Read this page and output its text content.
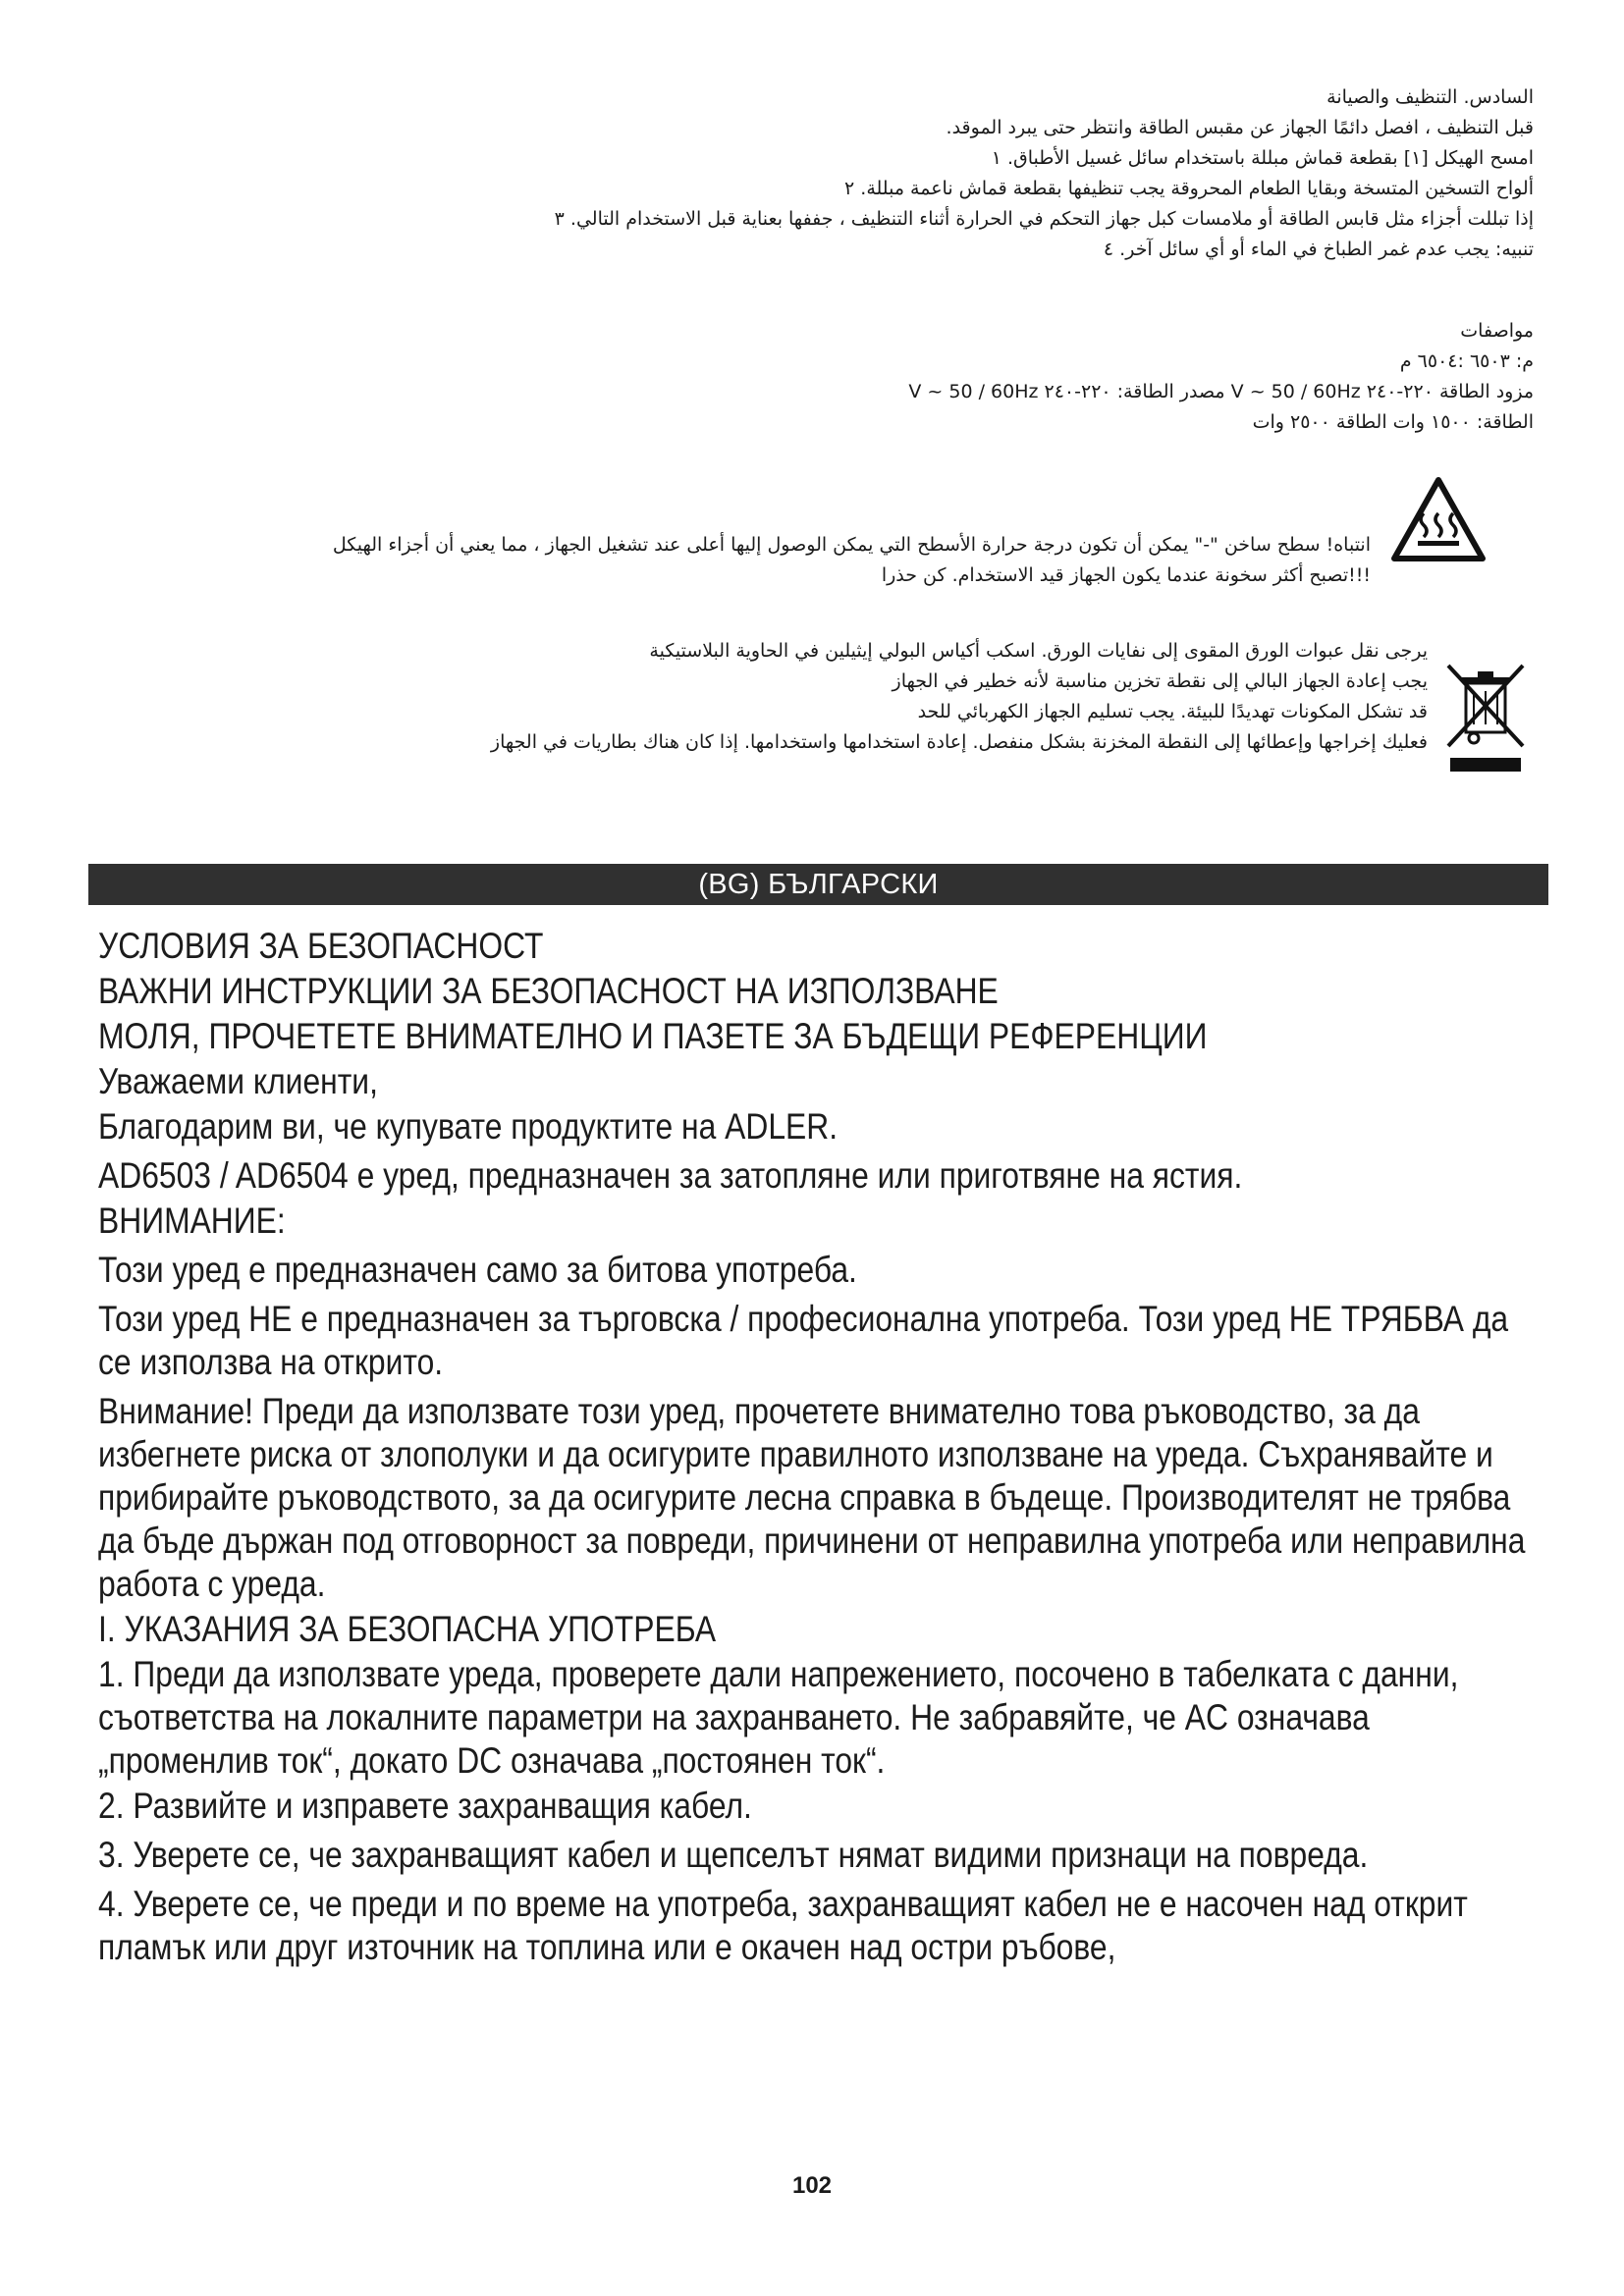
السادس. التنظيف والصيانة
قبل التنظيف ، افصل دائمًا الجهاز عن مقبس الطاقة وانتظر حتى يبرد الموقد.
امسح الهيكل [١] بقطعة قماش مبللة باستخدام سائل غسيل الأطباق. ١
ألواح التسخين المتسخة وبقايا الطعام المحروقة يجب تنظيفها بقطعة قماش ناعمة مبللة. ٢
إذا تبللت أجزاء مثل قابس الطاقة أو ملامسات كبل جهاز التحكم في الحرارة أثناء التنظيف ، جففها بعناية قبل الاستخدام التالي. ٣
تنبيه: يجب عدم غمر الطباخ في الماء أو أي سائل آخر. ٤
مواصفات
م: ٦٥٠٣ :٦٥٠٤ م
مزود الطاقة ٢٢٠-٢٤٠ V ~ 50 / 60Hz مصدر الطاقة: ٢٢٠-٢٤٠ V ~ 50 / 60Hz
الطاقة: ١٥٠٠ وات الطاقة ٢٥٠٠ وات
انتباه! سطح ساخن "-" يمكن أن تكون درجة حرارة الأسطح التي يمكن الوصول إليها أعلى عند تشغيل الجهاز ، مما يعني أن أجزاء الهيكل
!!!تصبح أكثر سخونة عندما يكون الجهاز قيد الاستخدام. كن حذرا
يرجى نقل عبوات الورق المقوى إلى نفايات الورق. اسكب أكياس البولي إيثيلين في الحاوية البلاستيكية
يجب إعادة الجهاز البالي إلى نقطة تخزين مناسبة لأنه خطير في الجهاز
قد تشكل المكونات تهديدًا للبيئة. يجب تسليم الجهاز الكهربائي للحد
فعليك إخراجها وإعطائها إلى النقطة المخزنة بشكل منفصل. إعادة استخدامها واستخدامها. إذا كان هناك بطاريات في الجهاز
(BG) БЪЛГАРСКИ

УСЛОВИЯ ЗА БЕЗОПАСНОСТ

ВАЖНИ ИНСТРУКЦИИ ЗА БЕЗОПАСНОСТ НА ИЗПОЛЗВАНЕ

МОЛЯ, ПРОЧЕТЕТЕ ВНИМАТЕЛНО И ПАЗЕТЕ ЗА БЪДЕЩИ РЕФЕРЕНЦИИ

Уважаеми клиенти,

Благодарим ви, че купувате продуктите на ADLER.

AD6503 / AD6504 е уред, предназначен за затопляне или приготвяне на ястия.

ВНИМАНИЕ:

Този уред е предназначен само за битова употреба.

Този уред НЕ е предназначен за търговска / професионална употреба. Този уред НЕ ТРЯБВА да се използва на открито.

Внимание! Преди да използвате този уред, прочетете внимателно това ръководство, за да избегнете риска от злополуки и да осигурите правилното използване на уреда. Съхранявайте и прибирайте ръководството, за да осигурите лесна справка в бъдеще. Производителят не трябва да бъде държан под отговорност за повреди, причинени от неправилна употреба или неправилна работа с уреда.

I. УКАЗАНИЯ ЗА БЕЗОПАСНА УПОТРЕБА

1. Преди да използвате уреда, проверете дали напрежението, посочено в табелката с данни, съответства на локалните параметри на захранването. Не забравяйте, че AC означава „променлив ток“, докато DC означава „постоянен ток“.

2. Развийте и изправете захранващия кабел.

3. Уверете се, че захранващият кабел и щепселът нямат видими признаци на повреда.

4. Уверете се, че преди и по време на употреба, захранващият кабел не е насочен над открит пламък или друг източник на топлина или е окачен над остри ръбове,

102
